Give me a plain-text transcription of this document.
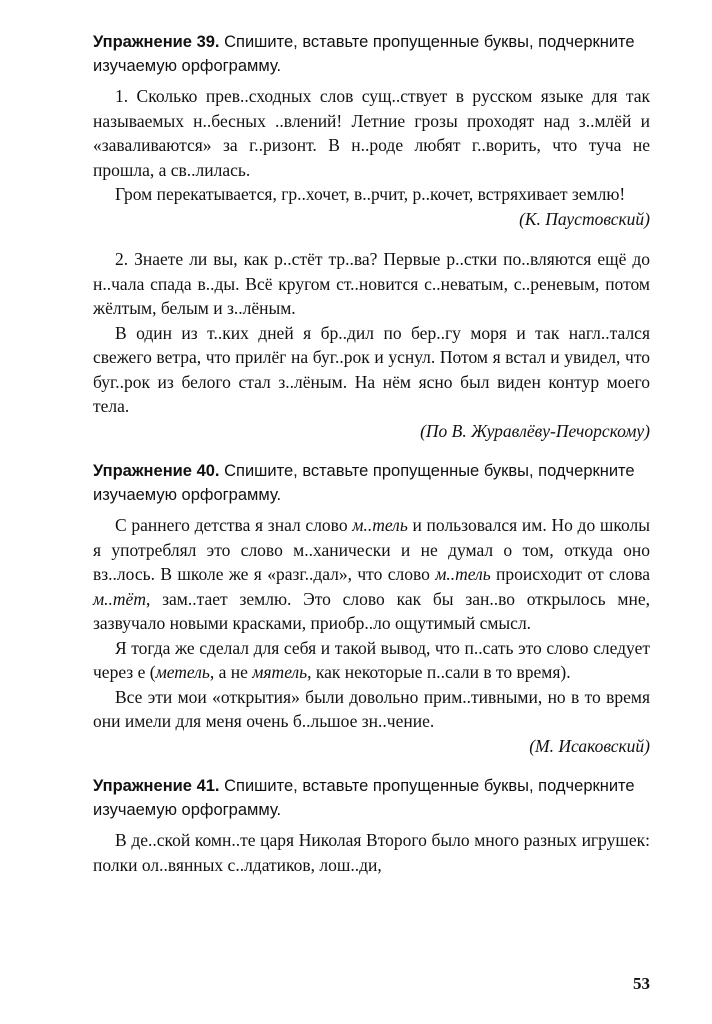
Упражнение 39. Спишите, вставьте пропущенные буквы, подчеркните изучаемую орфограмму.

1. Сколько прев..сходных слов сущ..ствует в русском языке для так называемых н..бесных ..влений! Летние грозы проходят над з..млёй и «заваливаются» за г..ризонт. В н..роде любят г..ворить, что туча не прошла, а св..лилась.

Гром перекатывается, гр..хочет, в..рчит, р..кочет, встряхивает землю!

(К. Паустовский)

2. Знаете ли вы, как р..стёт тр..ва? Первые р..стки по..вляются ещё до н..чала спада в..ды. Всё кругом ст..новится с..неватым, с..реневым, потом жёлтым, белым и з..лёным.

В один из т..ких дней я бр..дил по бер..гу моря и так нагл..тался свежего ветра, что прилёг на буг..рок и уснул. Потом я встал и увидел, что буг..рок из белого стал з..лёным. На нём ясно был виден контур моего тела.

(По В. Журавлёву-Печорскому)

Упражнение 40. Спишите, вставьте пропущенные буквы, подчеркните изучаемую орфограмму.

С раннего детства я знал слово м..тель и пользовался им. Но до школы я употреблял это слово м..ханически и не думал о том, откуда оно вз..лось. В школе же я «разг..дал», что слово м..тель происходит от слова м..тёт, зам..тает землю. Это слово как бы зан..во открылось мне, зазвучало новыми красками, приобр..ло ощутимый смысл.

Я тогда же сделал для себя и такой вывод, что п..сать это слово следует через е (метель, а не мятель, как некоторые п..сали в то время).

Все эти мои «открытия» были довольно прим..тивными, но в то время они имели для меня очень б..льшое зн..чение.

(М. Исаковский)

Упражнение 41. Спишите, вставьте пропущенные буквы, подчеркните изучаемую орфограмму.

В де..ской комн..те царя Николая Второго было много разных игрушек: полки ол..вянных с..лдатиков, лош..ди,

53
